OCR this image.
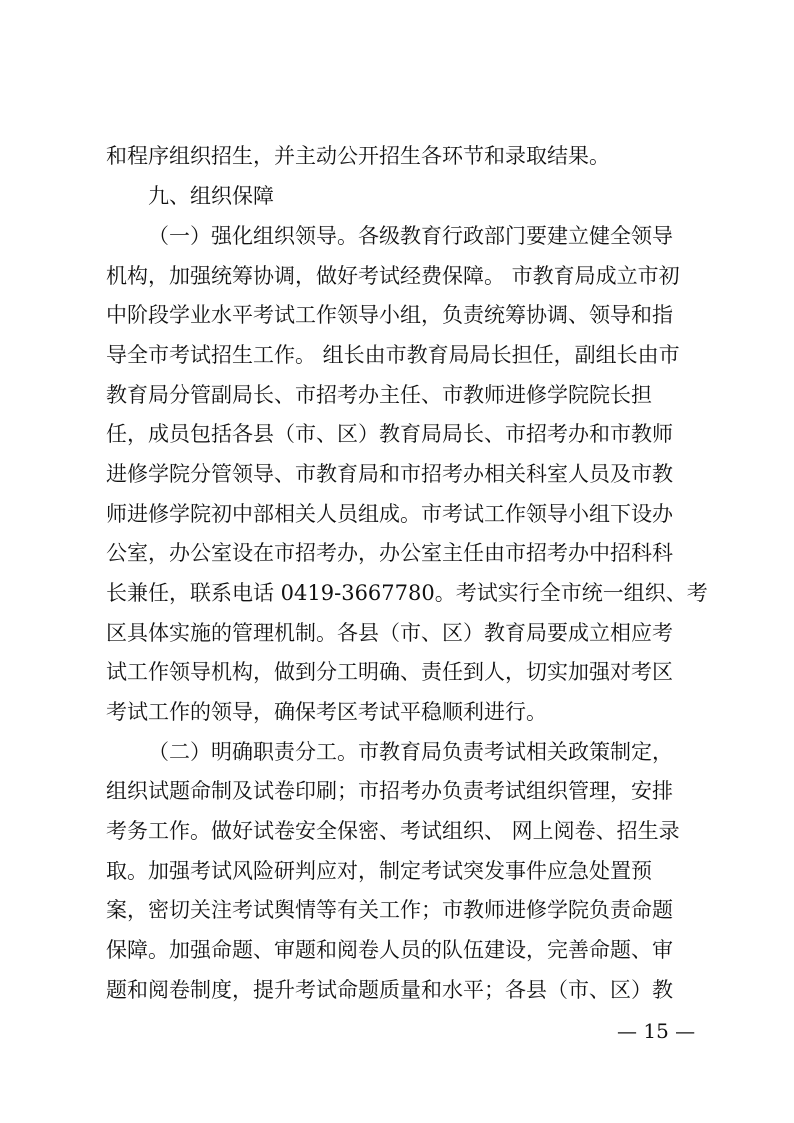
和程序组织招生，并主动公开招生各环节和录取结果。
九、组织保障
（一）强化组织领导。各级教育行政部门要建立健全领导
机构，加强统筹协调，做好考试经费保障。 市教育局成立市初
中阶段学业水平考试工作领导小组，负责统筹协调、领导和指
导全市考试招生工作。 组长由市教育局局长担任，副组长由市
教育局分管副局长、市招考办主任、市教师进修学院院长担
任，成员包括各县（市、区）教育局局长、市招考办和市教师
进修学院分管领导、市教育局和市招考办相关科室人员及市教
师进修学院初中部相关人员组成。市考试工作领导小组下设办
公室，办公室设在市招考办，办公室主任由市招考办中招科科
长兼任，联系电话 0419-3667780。考试实行全市统一组织、考
区具体实施的管理机制。各县（市、区）教育局要成立相应考
试工作领导机构，做到分工明确、责任到人，切实加强对考区
考试工作的领导，确保考区考试平稳顺利进行。
（二）明确职责分工。市教育局负责考试相关政策制定，
组织试题命制及试卷印刷；市招考办负责考试组织管理，安排
考务工作。做好试卷安全保密、考试组织、 网上阅卷、招生录
取。加强考试风险研判应对，制定考试突发事件应急处置预
案，密切关注考试舆情等有关工作；市教师进修学院负责命题
保障。加强命题、审题和阅卷人员的队伍建设，完善命题、审
题和阅卷制度，提升考试命题质量和水平；各县（市、区）教
— 15 —
